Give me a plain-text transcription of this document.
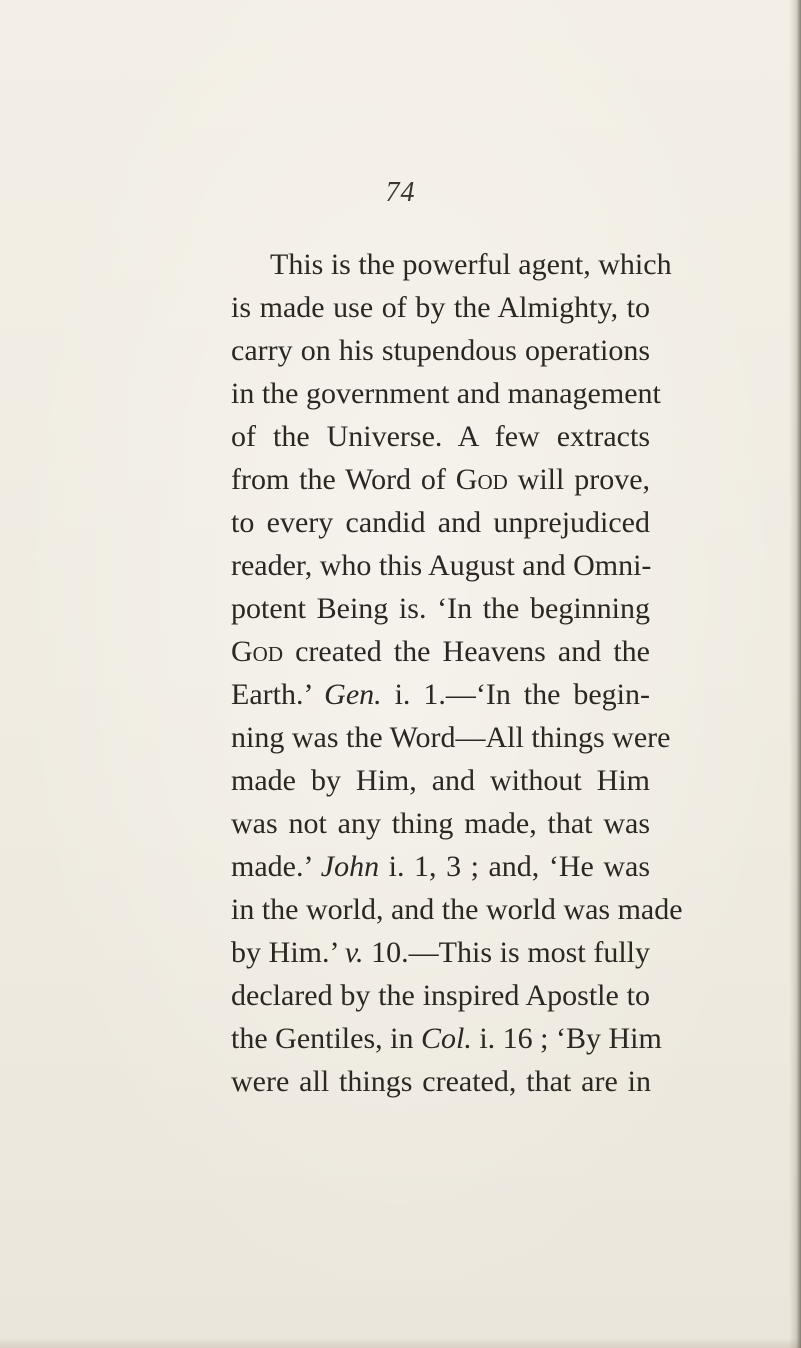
74
This is the powerful agent, which
is made use of by the Almighty, to
carry on his stupendous operations
in the government and management
of the Universe. A few extracts
from the Word of God will prove,
to every candid and unprejudiced
reader, who this August and Omni-
potent Being is. ‘In the beginning
God created the Heavens and the
Earth.’ Gen. i. 1.—‘In the begin-
ning was the Word—All things were
made by Him, and without Him
was not any thing made, that was
made.’ John i. 1, 3 ; and, ‘He was
in the world, and the world was made
by Him.’ v. 10.—This is most fully
declared by the inspired Apostle to
the Gentiles, in Col. i. 16 ; ‘By Him
were all things created, that are in
